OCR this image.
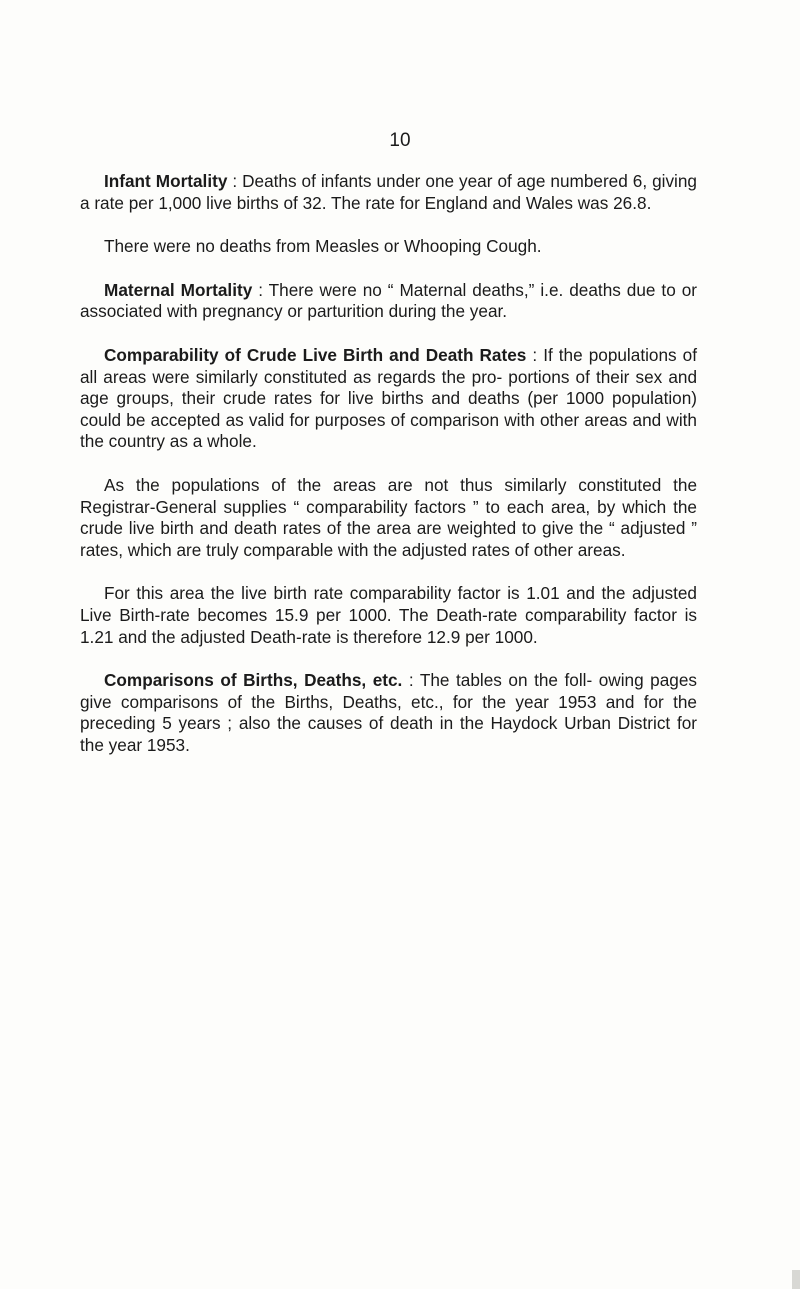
10

Infant Mortality : Deaths of infants under one year of age numbered 6, giving a rate per 1,000 live births of 32. The rate for England and Wales was 26.8.

There were no deaths from Measles or Whooping Cough.

Maternal Mortality : There were no “ Maternal deaths,” i.e. deaths due to or associated with pregnancy or parturition during the year.

Comparability of Crude Live Birth and Death Rates : If the populations of all areas were similarly constituted as regards the pro- portions of their sex and age groups, their crude rates for live births and deaths (per 1000 population) could be accepted as valid for purposes of comparison with other areas and with the country as a whole.

As the populations of the areas are not thus similarly constituted the Registrar-General supplies “ comparability factors ” to each area, by which the crude live birth and death rates of the area are weighted to give the “ adjusted ” rates, which are truly comparable with the adjusted rates of other areas.

For this area the live birth rate comparability factor is 1.01 and the adjusted Live Birth-rate becomes 15.9 per 1000. The Death-rate comparability factor is 1.21 and the adjusted Death-rate is therefore 12.9 per 1000.

Comparisons of Births, Deaths, etc. : The tables on the foll- owing pages give comparisons of the Births, Deaths, etc., for the year 1953 and for the preceding 5 years ; also the causes of death in the Haydock Urban District for the year 1953.
